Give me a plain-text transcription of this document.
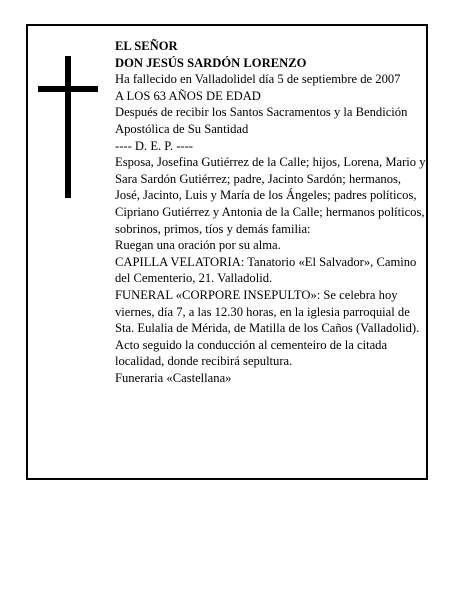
EL SEÑOR

DON JESÚS SARDÓN LORENZO

Ha fallecido en Valladolidel día 5 de septiembre de 2007

A LOS 63 AÑOS DE EDAD

Después de recibir los Santos Sacramentos y la Bendición Apostólica de Su Santidad

---- D. E. P. ----

Esposa, Josefina Gutiérrez de la Calle; hijos, Lorena, Mario y Sara Sardón Gutiérrez; padre, Jacinto Sardón; hermanos, José, Jacinto, Luis y María de los Ángeles; padres políticos, Cipriano Gutiérrez y Antonia de la Calle; hermanos políticos, sobrinos, primos, tíos y demás familia:

Ruegan una oración por su alma.

CAPILLA VELATORIA: Tanatorio «El Salvador», Camino del Cementerio, 21. Valladolid.

FUNERAL «CORPORE INSEPULTO»: Se celebra hoy viernes, día 7, a las 12.30 horas, en la iglesia parroquial de Sta. Eulalia de Mérida, de Matilla de los Caños (Valladolid). Acto seguido la conducción al cementeiro de la citada localidad, donde recibirá sepultura.

Funeraria «Castellana»
